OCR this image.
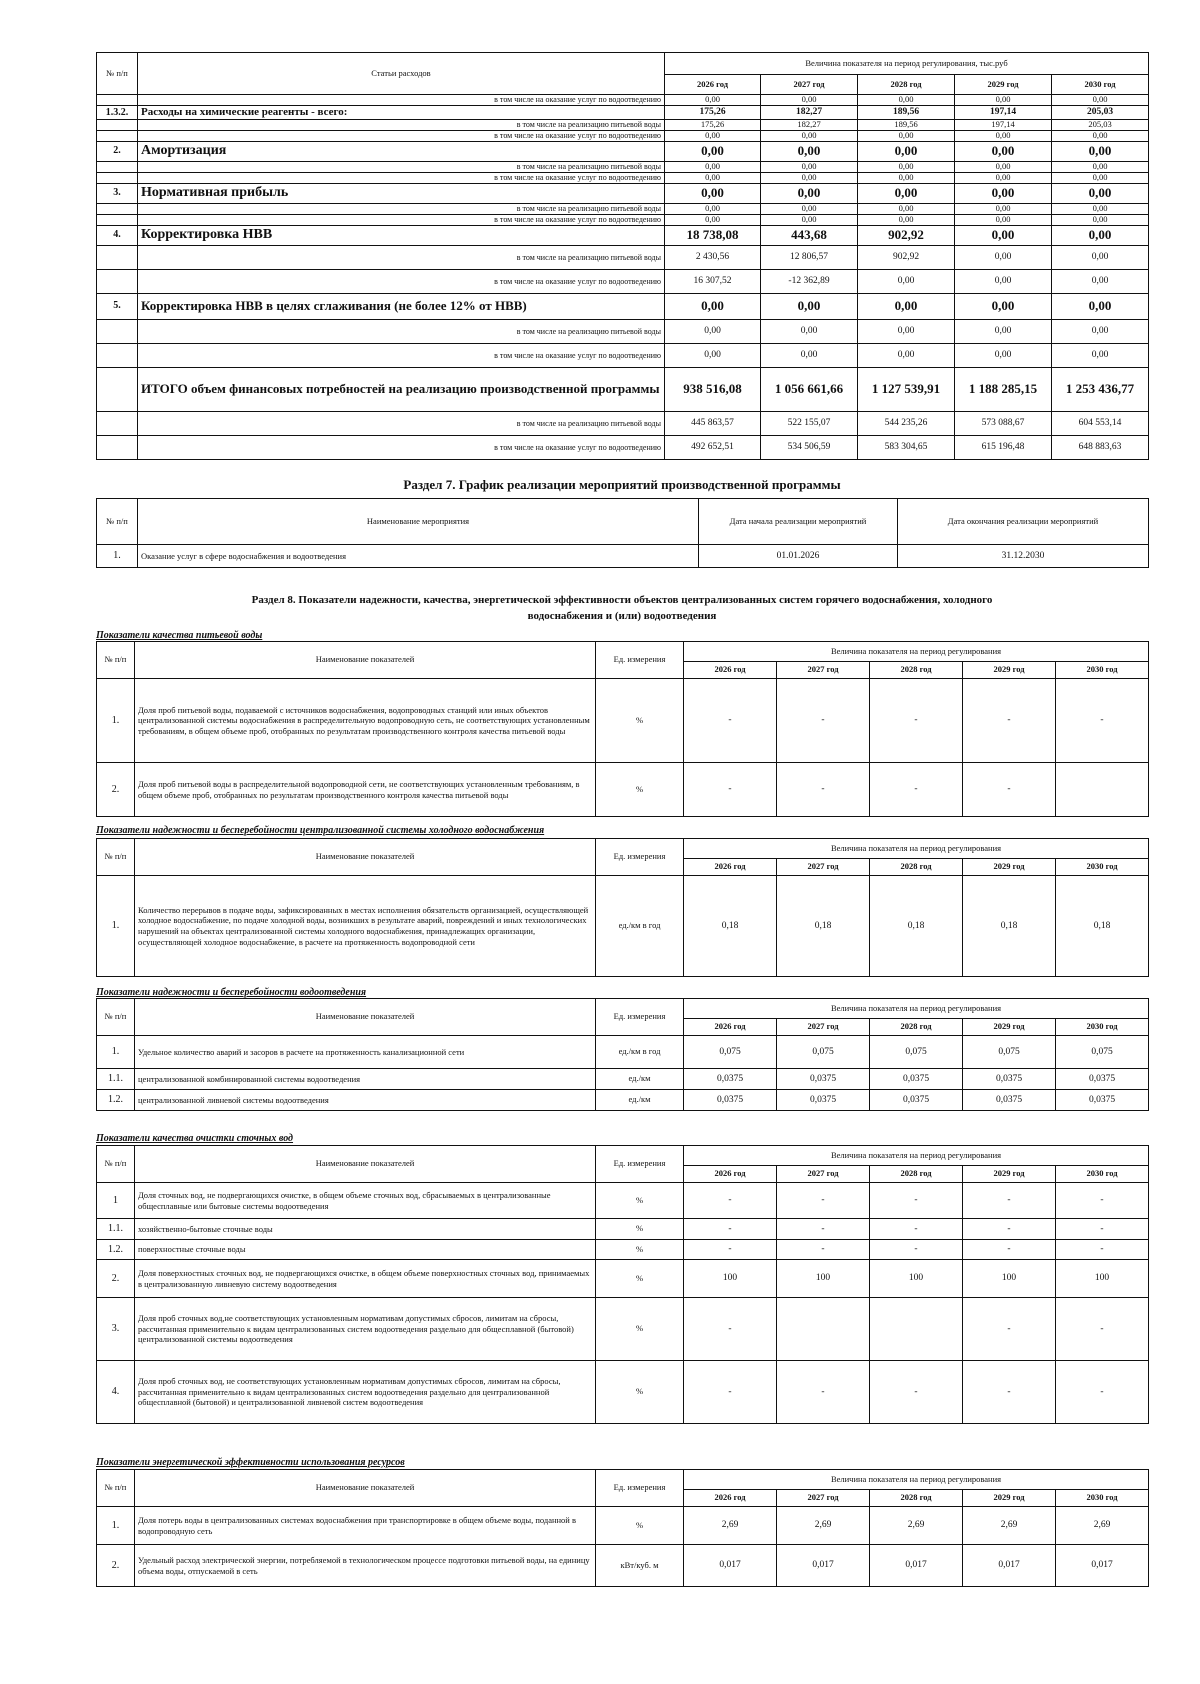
№ п/п	Статьи расходов	Величина показателя на период регулирования, тыс.руб				
		2026 год	2027 год	2028 год	2029 год	2030 год
	в том числе на оказание услуг по водоотведению	0,00	0,00	0,00	0,00	0,00
1.3.2.	Расходы на химические реагенты - всего:	175,26	182,27	189,56	197,14	205,03
	в том числе на реализацию питьевой воды	175,26	182,27	189,56	197,14	205,03
	в том числе на оказание услуг по водоотведению	0,00	0,00	0,00	0,00	0,00
2.	Амортизация	0,00	0,00	0,00	0,00	0,00
	в том числе на реализацию питьевой воды	0,00	0,00	0,00	0,00	0,00
	в том числе на оказание услуг по водоотведению	0,00	0,00	0,00	0,00	0,00
3.	Нормативная прибыль	0,00	0,00	0,00	0,00	0,00
	в том числе на реализацию питьевой воды	0,00	0,00	0,00	0,00	0,00
	в том числе на оказание услуг по водоотведению	0,00	0,00	0,00	0,00	0,00
4.	Корректировка НВВ	18 738,08	443,68	902,92	0,00	0,00
	в том числе на реализацию питьевой воды	2 430,56	12 806,57	902,92	0,00	0,00
	в том числе на оказание услуг по водоотведению	16 307,52	-12 362,89	0,00	0,00	0,00
5.	Корректировка НВВ в целях сглаживания (не более 12% от НВВ)	0,00	0,00	0,00	0,00	0,00
	в том числе на реализацию питьевой воды	0,00	0,00	0,00	0,00	0,00
	в том числе на оказание услуг по водоотведению	0,00	0,00	0,00	0,00	0,00
	ИТОГО объем финансовых потребностей на реализацию производственной программы	938 516,08	1 056 661,66	1 127 539,91	1 188 285,15	1 253 436,77
	в том числе на реализацию питьевой воды	445 863,57	522 155,07	544 235,26	573 088,67	604 553,14
	в том числе на оказание услуг по водоотведению	492 652,51	534 506,59	583 304,65	615 196,48	648 883,63
Раздел 7. График реализации мероприятий производственной программы
№ п/п	Наименование мероприятия	Дата начала реализации мероприятий	Дата окончания реализации мероприятий
1.	Оказание услуг в сфере водоснабжения и водоотведения	01.01.2026	31.12.2030
Раздел 8. Показатели надежности, качества, энергетической эффективности объектов централизованных систем горячего водоснабжения, холодного
водоснабжения и (или) водоотведения
Показатели качества питьевой воды
№ п/п	Наименование показателей	Ед. измерения	Величина показателя на период регулирования				
			2026 год	2027 год	2028 год	2029 год	2030 год
1.	Доля проб питьевой воды, подаваемой с источников водоснабжения, водопроводных станций или иных объектов централизованной системы водоснабжения в распределительную водопроводную сеть, не соответствующих установленным требованиям, в общем объеме проб, отобранных по результатам производственного контроля качества питьевой воды	%	-	-	-	-	-
2.	Доля проб питьевой воды в распределительной водопроводной сети, не соответствующих установленным требованиям, в общем объеме проб, отобранных по результатам производственного контроля качества питьевой воды	%	-	-	-	-	
Показатели надежности и бесперебойности централизованной системы холодного водоснабжения
№ п/п	Наименование показателей	Ед. измерения	Величина показателя на период регулирования				
			2026 год	2027 год	2028 год	2029 год	2030 год
1.	Количество перерывов в подаче воды, зафиксированных в местах исполнения обязательств организацией, осуществляющей холодное водоснабжение, по подаче холодной воды, возникших в результате аварий, повреждений и иных технологических нарушений на объектах централизованной системы холодного водоснабжения, принадлежащих организации, осуществляющей холодное водоснабжение, в расчете на протяженность водопроводной сети	ед./км в год	0,18	0,18	0,18	0,18	0,18
Показатели надежности и бесперебойности водоотведения
№ п/п	Наименование показателей	Ед. измерения	Величина показателя на период регулирования				
			2026 год	2027 год	2028 год	2029 год	2030 год
1.	Удельное количество аварий и засоров в расчете на протяженность канализационной сети	ед./км в год	0,075	0,075	0,075	0,075	0,075
1.1.	централизованной комбинированной системы водоотведения	ед./км	0,0375	0,0375	0,0375	0,0375	0,0375
1.2.	централизованной ливневой системы водоотведения	ед./км	0,0375	0,0375	0,0375	0,0375	0,0375
Показатели качества очистки сточных вод
№ п/п	Наименование показателей	Ед. измерения	Величина показателя на период регулирования				
			2026 год	2027 год	2028 год	2029 год	2030 год
1	Доля сточных вод, не подвергающихся очистке, в общем объеме сточных вод, сбрасываемых в централизованные общесплавные или бытовые системы водоотведения	%	-	-	-	-	-
1.1.	хозяйственно-бытовые сточные воды	%	-	-	-	-	-
1.2.	поверхностные сточные воды	%	-	-	-	-	-
2.	Доля поверхностных сточных вод, не подвергающихся очистке, в общем объеме поверхностных сточных вод, принимаемых в централизованную ливневую систему водоотведения	%	100	100	100	100	100
3.	Доля проб сточных вод,не соответствующих установленным нормативам допустимых сбросов, лимитам на сбросы, рассчитанная применительно к видам централизованных систем водоотведения раздельно для общесплавной (бытовой) централизованной системы водоотведения	%	-			-	-
4.	Доля проб сточных вод, не соответствующих установленным нормативам допустимых сбросов, лимитам на сбросы, рассчитанная применительно к видам централизованных систем водоотведения раздельно для централизованной общесплавной (бытовой) и централизованной ливневой систем водоотведения	%	-	-	-	-	-
Показатели энергетической эффективности использования ресурсов
№ п/п	Наименование показателей	Ед. измерения	Величина показателя на период регулирования				
			2026 год	2027 год	2028 год	2029 год	2030 год
1.	Доля потерь воды в централизованных системах водоснабжения при транспортировке в общем объеме воды, поданной в водопроводную сеть	%	2,69	2,69	2,69	2,69	2,69
2.	Удельный расход электрической энергии, потребляемой в технологическом процессе подготовки питьевой воды, на единицу объема воды, отпускаемой в сеть	кВт/куб. м	0,017	0,017	0,017	0,017	0,017
